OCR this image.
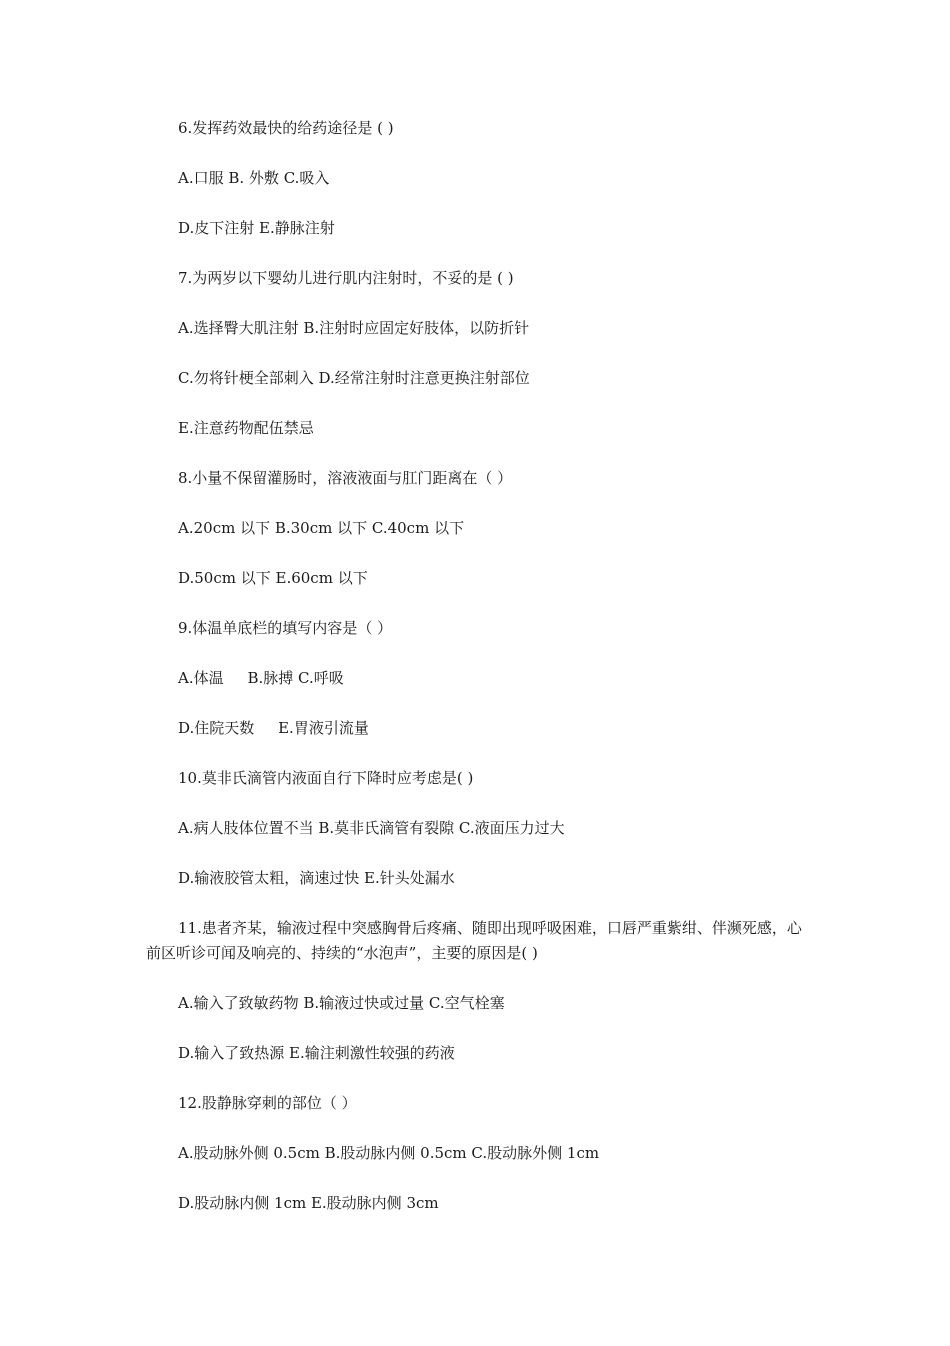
6.发挥药效最快的给药途径是 ( )
A.口服 B. 外敷 C.吸入
D.皮下注射 E.静脉注射
7.为两岁以下婴幼儿进行肌内注射时，不妥的是 ( )
A.选择臀大肌注射 B.注射时应固定好肢体，以防折针
C.勿将针梗全部刺入 D.经常注射时注意更换注射部位
E.注意药物配伍禁忌
8.小量不保留灌肠时，溶液液面与肛门距离在（ ）
A.20cm 以下 B.30cm 以下 C.40cm 以下
D.50cm 以下 E.60cm 以下
9.体温单底栏的填写内容是（ ）
A.体温     B.脉搏 C.呼吸
D.住院天数     E.胃液引流量
10.莫非氏滴管内液面自行下降时应考虑是( )
A.病人肢体位置不当 B.莫非氏滴管有裂隙 C.液面压力过大
D.输液胶管太粗，滴速过快 E.针头处漏水
11.患者齐某，输液过程中突感胸骨后疼痛、随即出现呼吸困难，口唇严重紫绀、伴濒死感，心前区听诊可闻及响亮的、持续的“水泡声”，主要的原因是( )
A.输入了致敏药物 B.输液过快或过量 C.空气栓塞
D.输入了致热源 E.输注刺激性较强的药液
12.股静脉穿刺的部位（ ）
A.股动脉外侧 0.5cm B.股动脉内侧 0.5cm C.股动脉外侧 1cm
D.股动脉内侧 1cm E.股动脉内侧 3cm
